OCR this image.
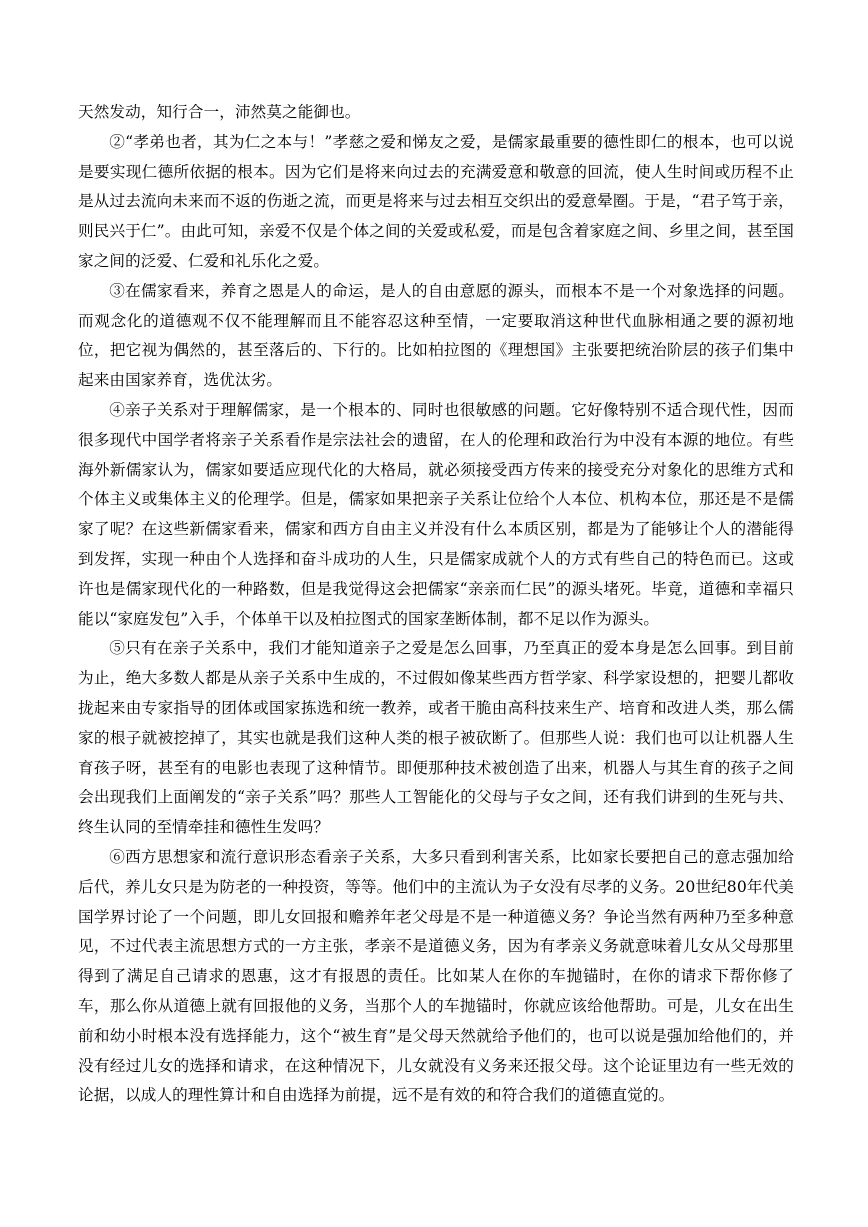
天然发动，知行合一，沛然莫之能御也。

②“孝弟也者，其为仁之本与！”孝慈之爱和悌友之爱，是儒家最重要的德性即仁的根本，也可以说是要实现仁德所依据的根本。因为它们是将来向过去的充满爱意和敬意的回流，使人生时间或历程不止是从过去流向未来而不返的伤逝之流，而更是将来与过去相互交织出的爱意晕圈。于是，“君子笃于亲，则民兴于仁”。由此可知，亲爱不仅是个体之间的关爱或私爱，而是包含着家庭之间、乡里之间，甚至国家之间的泛爱、仁爱和礼乐化之爱。

③在儒家看来，养育之恩是人的命运，是人的自由意愿的源头，而根本不是一个对象选择的问题。而观念化的道德观不仅不能理解而且不能容忍这种至情，一定要取消这种世代血脉相通之要的源初地位，把它视为偶然的，甚至落后的、下行的。比如柏拉图的《理想国》主张要把统治阶层的孩子们集中起来由国家养育，选优汰劣。

④亲子关系对于理解儒家，是一个根本的、同时也很敏感的问题。它好像特别不适合现代性，因而很多现代中国学者将亲子关系看作是宗法社会的遗留，在人的伦理和政治行为中没有本源的地位。有些海外新儒家认为，儒家如要适应现代化的大格局，就必须接受西方传来的接受充分对象化的思维方式和个体主义或集体主义的伦理学。但是，儒家如果把亲子关系让位给个人本位、机构本位，那还是不是儒家了呢？在这些新儒家看来，儒家和西方自由主义并没有什么本质区别，都是为了能够让个人的潜能得到发挥，实现一种由个人选择和奋斗成功的人生，只是儒家成就个人的方式有些自己的特色而已。这或许也是儒家现代化的一种路数，但是我觉得这会把儒家“亲亲而仁民”的源头堵死。毕竟，道德和幸福只能以“家庭发包”入手，个体单干以及柏拉图式的国家垄断体制，都不足以作为源头。

⑤只有在亲子关系中，我们才能知道亲子之爱是怎么回事，乃至真正的爱本身是怎么回事。到目前为止，绝大多数人都是从亲子关系中生成的，不过假如像某些西方哲学家、科学家设想的，把婴儿都收拢起来由专家指导的团体或国家拣选和统一教养，或者干脆由高科技来生产、培育和改进人类，那么儒家的根子就被挖掉了，其实也就是我们这种人类的根子被砍断了。但那些人说：我们也可以让机器人生育孩子呀，甚至有的电影也表现了这种情节。即便那种技术被创造了出来，机器人与其生育的孩子之间会出现我们上面阐发的“亲子关系”吗？那些人工智能化的父母与子女之间，还有我们讲到的生死与共、终生认同的至情牵挂和德性生发吗？

⑥西方思想家和流行意识形态看亲子关系，大多只看到利害关系，比如家长要把自己的意志强加给后代，养儿女只是为防老的一种投资，等等。他们中的主流认为子女没有尽孝的义务。20世纪80年代美国学界讨论了一个问题，即儿女回报和赡养年老父母是不是一种道德义务？争论当然有两种乃至多种意见，不过代表主流思想方式的一方主张，孝亲不是道德义务，因为有孝亲义务就意味着儿女从父母那里得到了满足自己请求的恩惠，这才有报恩的责任。比如某人在你的车抛锚时，在你的请求下帮你修了车，那么你从道德上就有回报他的义务，当那个人的车抛锚时，你就应该给他帮助。可是，儿女在出生前和幼小时根本没有选择能力，这个“被生育”是父母天然就给予他们的，也可以说是强加给他们的，并没有经过儿女的选择和请求，在这种情况下，儿女就没有义务来还报父母。这个论证里边有一些无效的论据，以成人的理性算计和自由选择为前提，远不是有效的和符合我们的道德直觉的。
